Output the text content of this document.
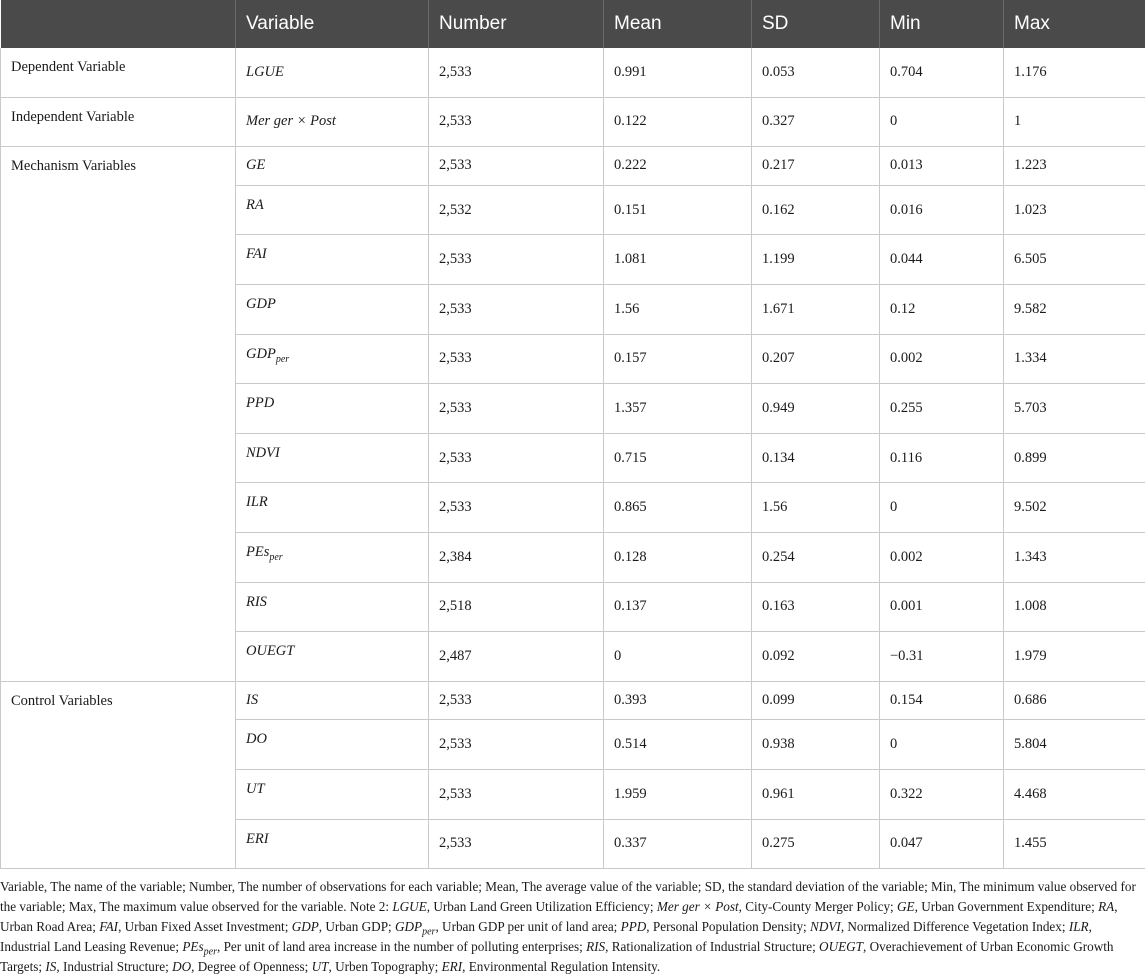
	Variable	Number	Mean	SD	Min	Max
Dependent Variable	LGUE	2,533	0.991	0.053	0.704	1.176
Independent Variable	Mer ger × Post	2,533	0.122	0.327	0	1
Mechanism Variables	GE	2,533	0.222	0.217	0.013	1.223
	RA	2,532	0.151	0.162	0.016	1.023
	FAI	2,533	1.081	1.199	0.044	6.505
	GDP	2,533	1.56	1.671	0.12	9.582
	$GDP_{per}$	2,533	0.157	0.207	0.002	1.334
	PPD	2,533	1.357	0.949	0.255	5.703
	NDVI	2,533	0.715	0.134	0.116	0.899
	ILR	2,533	0.865	1.56	0	9.502
	PEs$_{per}$	2,384	0.128	0.254	0.002	1.343
	RIS	2,518	0.137	0.163	0.001	1.008
	OUEGT	2,487	0	0.092	−0.31	1.979
Control Variables	IS	2,533	0.393	0.099	0.154	0.686
	DO	2,533	0.514	0.938	0	5.804
	UT	2,533	1.959	0.961	0.322	4.468
	ERI	2,533	0.337	0.275	0.047	1.455
Variable, The name of the variable; Number, The number of observations for each variable; Mean, The average value of the variable; SD, the standard deviation of the variable; Min, The minimum value observed for the variable; Max, The maximum value observed for the variable. Note 2: LGUE, Urban Land Green Utilization Efficiency; Mer ger × Post, City-County Merger Policy; GE, Urban Government Expenditure; RA, Urban Road Area; FAI, Urban Fixed Asset Investment; GDP, Urban GDP; $GDP_{per}$, Urban GDP per unit of land area; PPD, Personal Population Density; NDVI, Normalized Difference Vegetation Index; ILR, Industrial Land Leasing Revenue; PEs$_{per}$, Per unit of land area increase in the number of polluting enterprises; RIS, Rationalization of Industrial Structure; OUEGT, Overachievement of Urban Economic Growth Targets; IS, Industrial Structure; DO, Degree of Openness; UT, Urben Topography; ERI, Environmental Regulation Intensity.
